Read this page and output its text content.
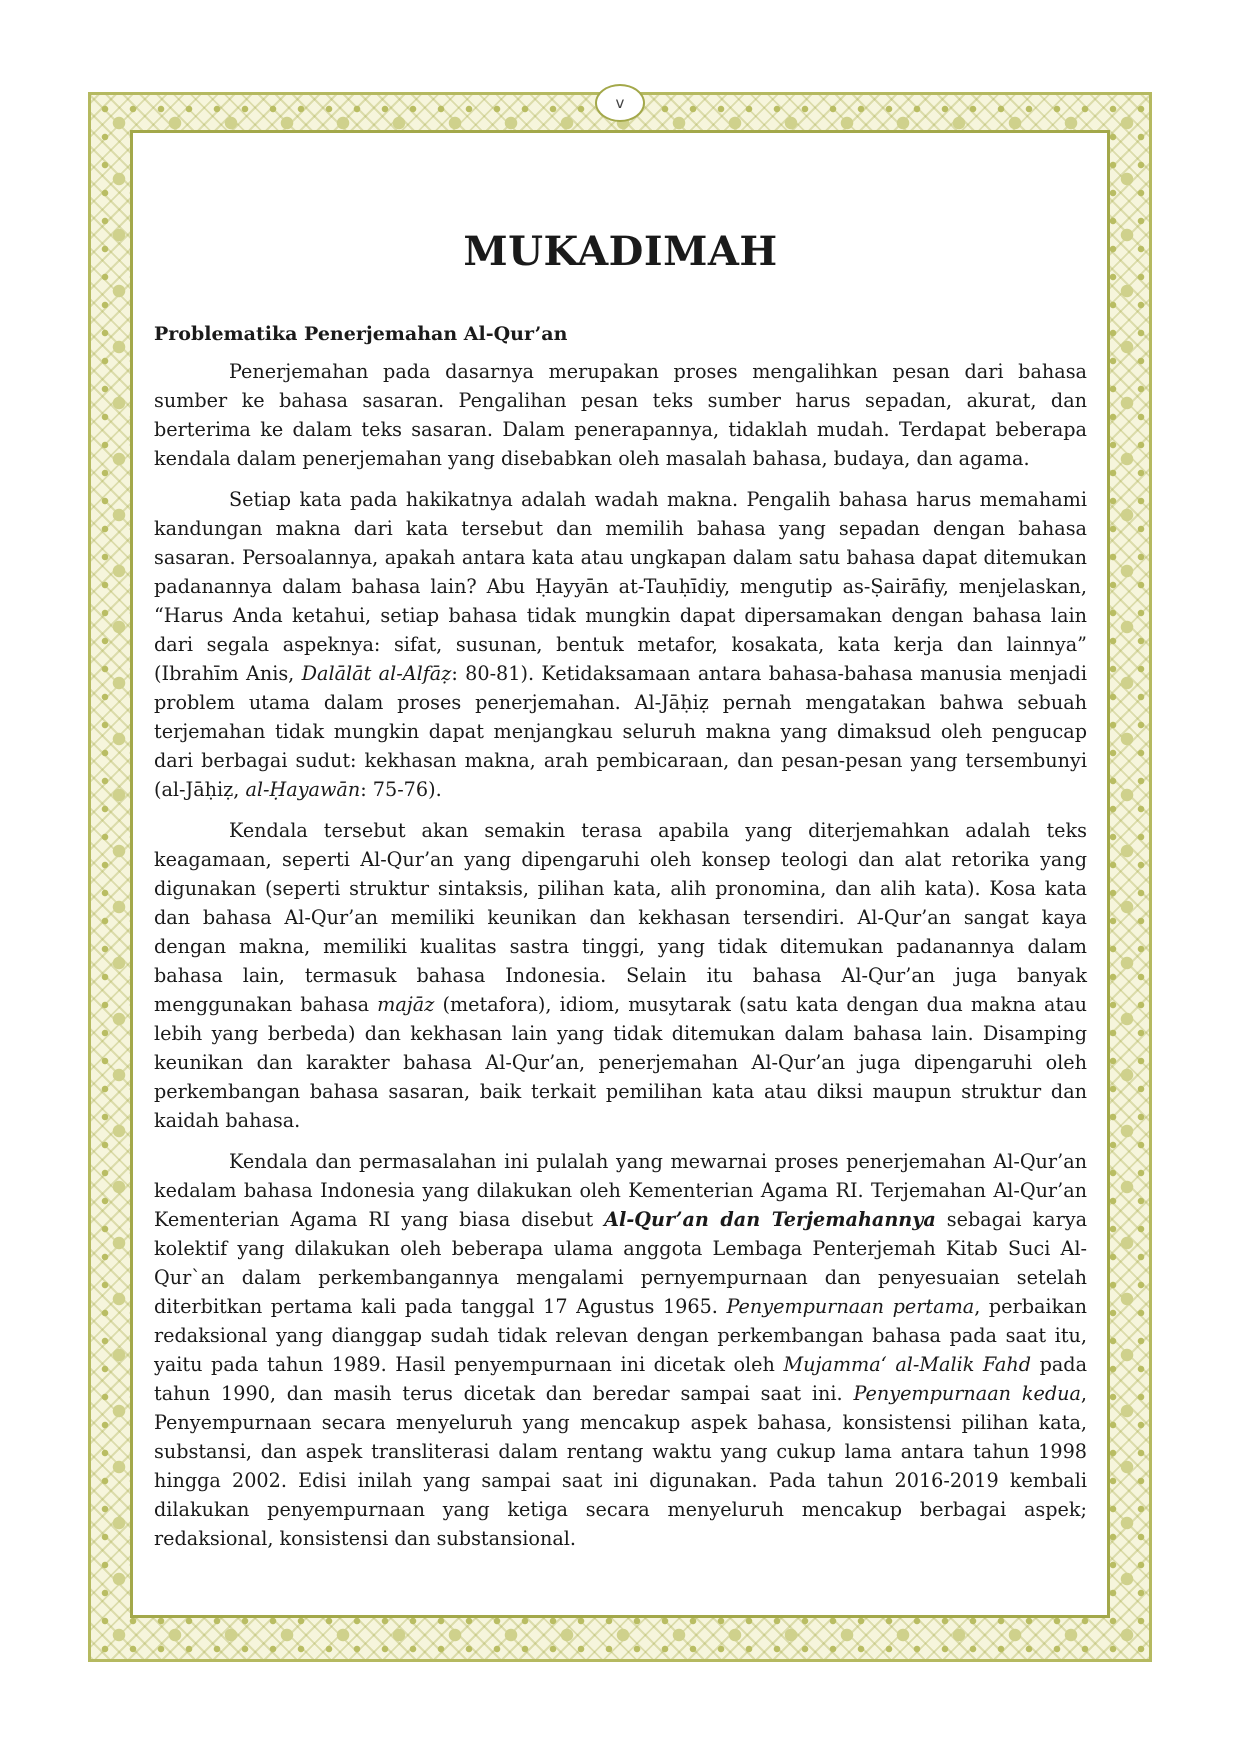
v
MUKADIMAH
Problematika Penerjemahan Al-Qur’an

Penerjemahan pada dasarnya merupakan proses mengalihkan pesan dari bahasa sumber ke bahasa sasaran. Pengalihan pesan teks sumber harus sepadan, akurat, dan berterima ke dalam teks sasaran. Dalam penerapannya, tidaklah mudah. Terdapat beberapa kendala dalam penerjemahan yang disebabkan oleh masalah bahasa, budaya, dan agama.

Setiap kata pada hakikatnya adalah wadah makna. Pengalih bahasa harus memahami kandungan makna dari kata tersebut dan memilih bahasa yang sepadan dengan bahasa sasaran. Persoalannya, apakah antara kata atau ungkapan dalam satu bahasa dapat ditemukan padanannya dalam bahasa lain? Abu Ḥayyān at-Tauḥīdiy, mengutip as-Ṣairāfiy, menjelaskan, “Harus Anda ketahui, setiap bahasa tidak mungkin dapat dipersamakan dengan bahasa lain dari segala aspeknya: sifat, susunan, bentuk metafor, kosakata, kata kerja dan lainnya” (Ibrahīm Anis, Dalālāt al-Alfāẓ: 80-81). Ketidaksamaan antara bahasa-bahasa manusia menjadi problem utama dalam proses penerjemahan. Al-Jāḥiẓ pernah mengatakan bahwa sebuah terjemahan tidak mungkin dapat menjangkau seluruh makna yang dimaksud oleh pengucap dari berbagai sudut: kekhasan makna, arah pembicaraan, dan pesan-pesan yang tersembunyi (al-Jāḥiẓ, al-Ḥayawān: 75-76).

Kendala tersebut akan semakin terasa apabila yang diterjemahkan adalah teks keagamaan, seperti Al-Qur’an yang dipengaruhi oleh konsep teologi dan alat retorika yang digunakan (seperti struktur sintaksis, pilihan kata, alih pronomina, dan alih kata). Kosa kata dan bahasa Al-Qur’an memiliki keunikan dan kekhasan tersendiri. Al-Qur’an sangat kaya dengan makna, memiliki kualitas sastra tinggi, yang tidak ditemukan padanannya dalam bahasa lain, termasuk bahasa Indonesia. Selain itu bahasa Al-Qur’an juga banyak menggunakan bahasa majāz (metafora), idiom, musytarak (satu kata dengan dua makna atau lebih yang berbeda) dan kekhasan lain yang tidak ditemukan dalam bahasa lain. Disamping keunikan dan karakter bahasa Al-Qur’an, penerjemahan Al-Qur’an juga dipengaruhi oleh perkembangan bahasa sasaran, baik terkait pemilihan kata atau diksi maupun struktur dan kaidah bahasa.

Kendala dan permasalahan ini pulalah yang mewarnai proses penerjemahan Al-Qur’an kedalam bahasa Indonesia yang dilakukan oleh Kementerian Agama RI. Terjemahan Al-Qur’an Kementerian Agama RI yang biasa disebut Al-Qur’an dan Terjemahannya sebagai karya kolektif yang dilakukan oleh beberapa ulama anggota Lembaga Penterjemah Kitab Suci Al-Qur`an dalam perkembangannya mengalami pernyempurnaan dan penyesuaian setelah diterbitkan pertama kali pada tanggal 17 Agustus 1965. Penyempurnaan pertama, perbaikan redaksional yang dianggap sudah tidak relevan dengan perkembangan bahasa pada saat itu, yaitu pada tahun 1989. Hasil penyempurnaan ini dicetak oleh Mujamma‘ al-Malik Fahd pada tahun 1990, dan masih terus dicetak dan beredar sampai saat ini. Penyempurnaan kedua, Penyempurnaan secara menyeluruh yang mencakup aspek bahasa, konsistensi pilihan kata, substansi, dan aspek transliterasi dalam rentang waktu yang cukup lama antara tahun 1998 hingga 2002. Edisi inilah yang sampai saat ini digunakan. Pada tahun 2016-2019 kembali dilakukan penyempurnaan yang ketiga secara menyeluruh mencakup berbagai aspek; redaksional, konsistensi dan substansional.
